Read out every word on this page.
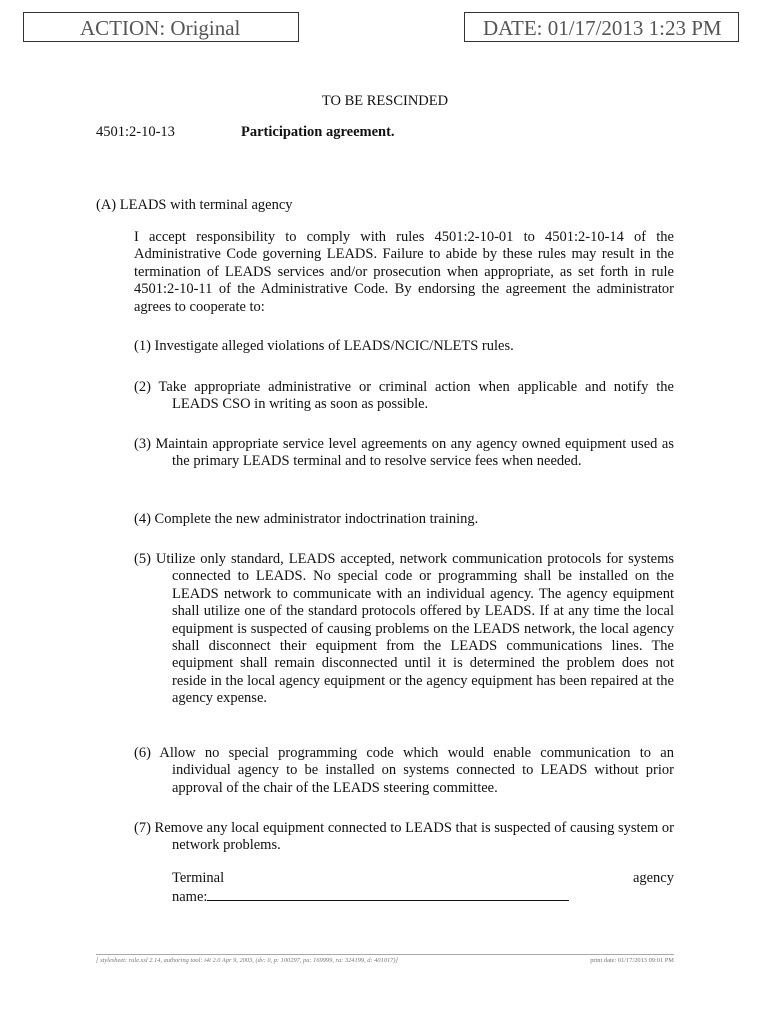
ACTION: Original	DATE: 01/17/2013 1:23 PM
TO BE RESCINDED
4501:2-10-13	Participation agreement.
(A) LEADS with terminal agency

I accept responsibility to comply with rules 4501:2-10-01 to 4501:2-10-14 of the Administrative Code governing LEADS. Failure to abide by these rules may result in the termination of LEADS services and/or prosecution when appropriate, as set forth in rule 4501:2-10-11 of the Administrative Code. By endorsing the agreement the administrator agrees to cooperate to:

(1) Investigate alleged violations of LEADS/NCIC/NLETS rules.

(2) Take appropriate administrative or criminal action when applicable and notify the LEADS CSO in writing as soon as possible.

(3) Maintain appropriate service level agreements on any agency owned equipment used as the primary LEADS terminal and to resolve service fees when needed.

(4) Complete the new administrator indoctrination training.

(5) Utilize only standard, LEADS accepted, network communication protocols for systems connected to LEADS. No special code or programming shall be installed on the LEADS network to communicate with an individual agency. The agency equipment shall utilize one of the standard protocols offered by LEADS. If at any time the local equipment is suspected of causing problems on the LEADS network, the local agency shall disconnect their equipment from the LEADS communications lines. The equipment shall remain disconnected until it is determined the problem does not reside in the local agency equipment or the agency equipment has been repaired at the agency expense.

(6) Allow no special programming code which would enable communication to an individual agency to be installed on systems connected to LEADS without prior approval of the chair of the LEADS steering committee.

(7) Remove any local equipment connected to LEADS that is suspected of causing system or network problems.

Terminal	agency
name:
[ stylesheet: rule.xsl 2.14, authoring tool: i4i 2.0 Apr 9, 2003, (dv: 0, p: 100297, pa: 169999, ra: 324199, d: 401017)]	print date: 01/17/2013 09:01 PM
